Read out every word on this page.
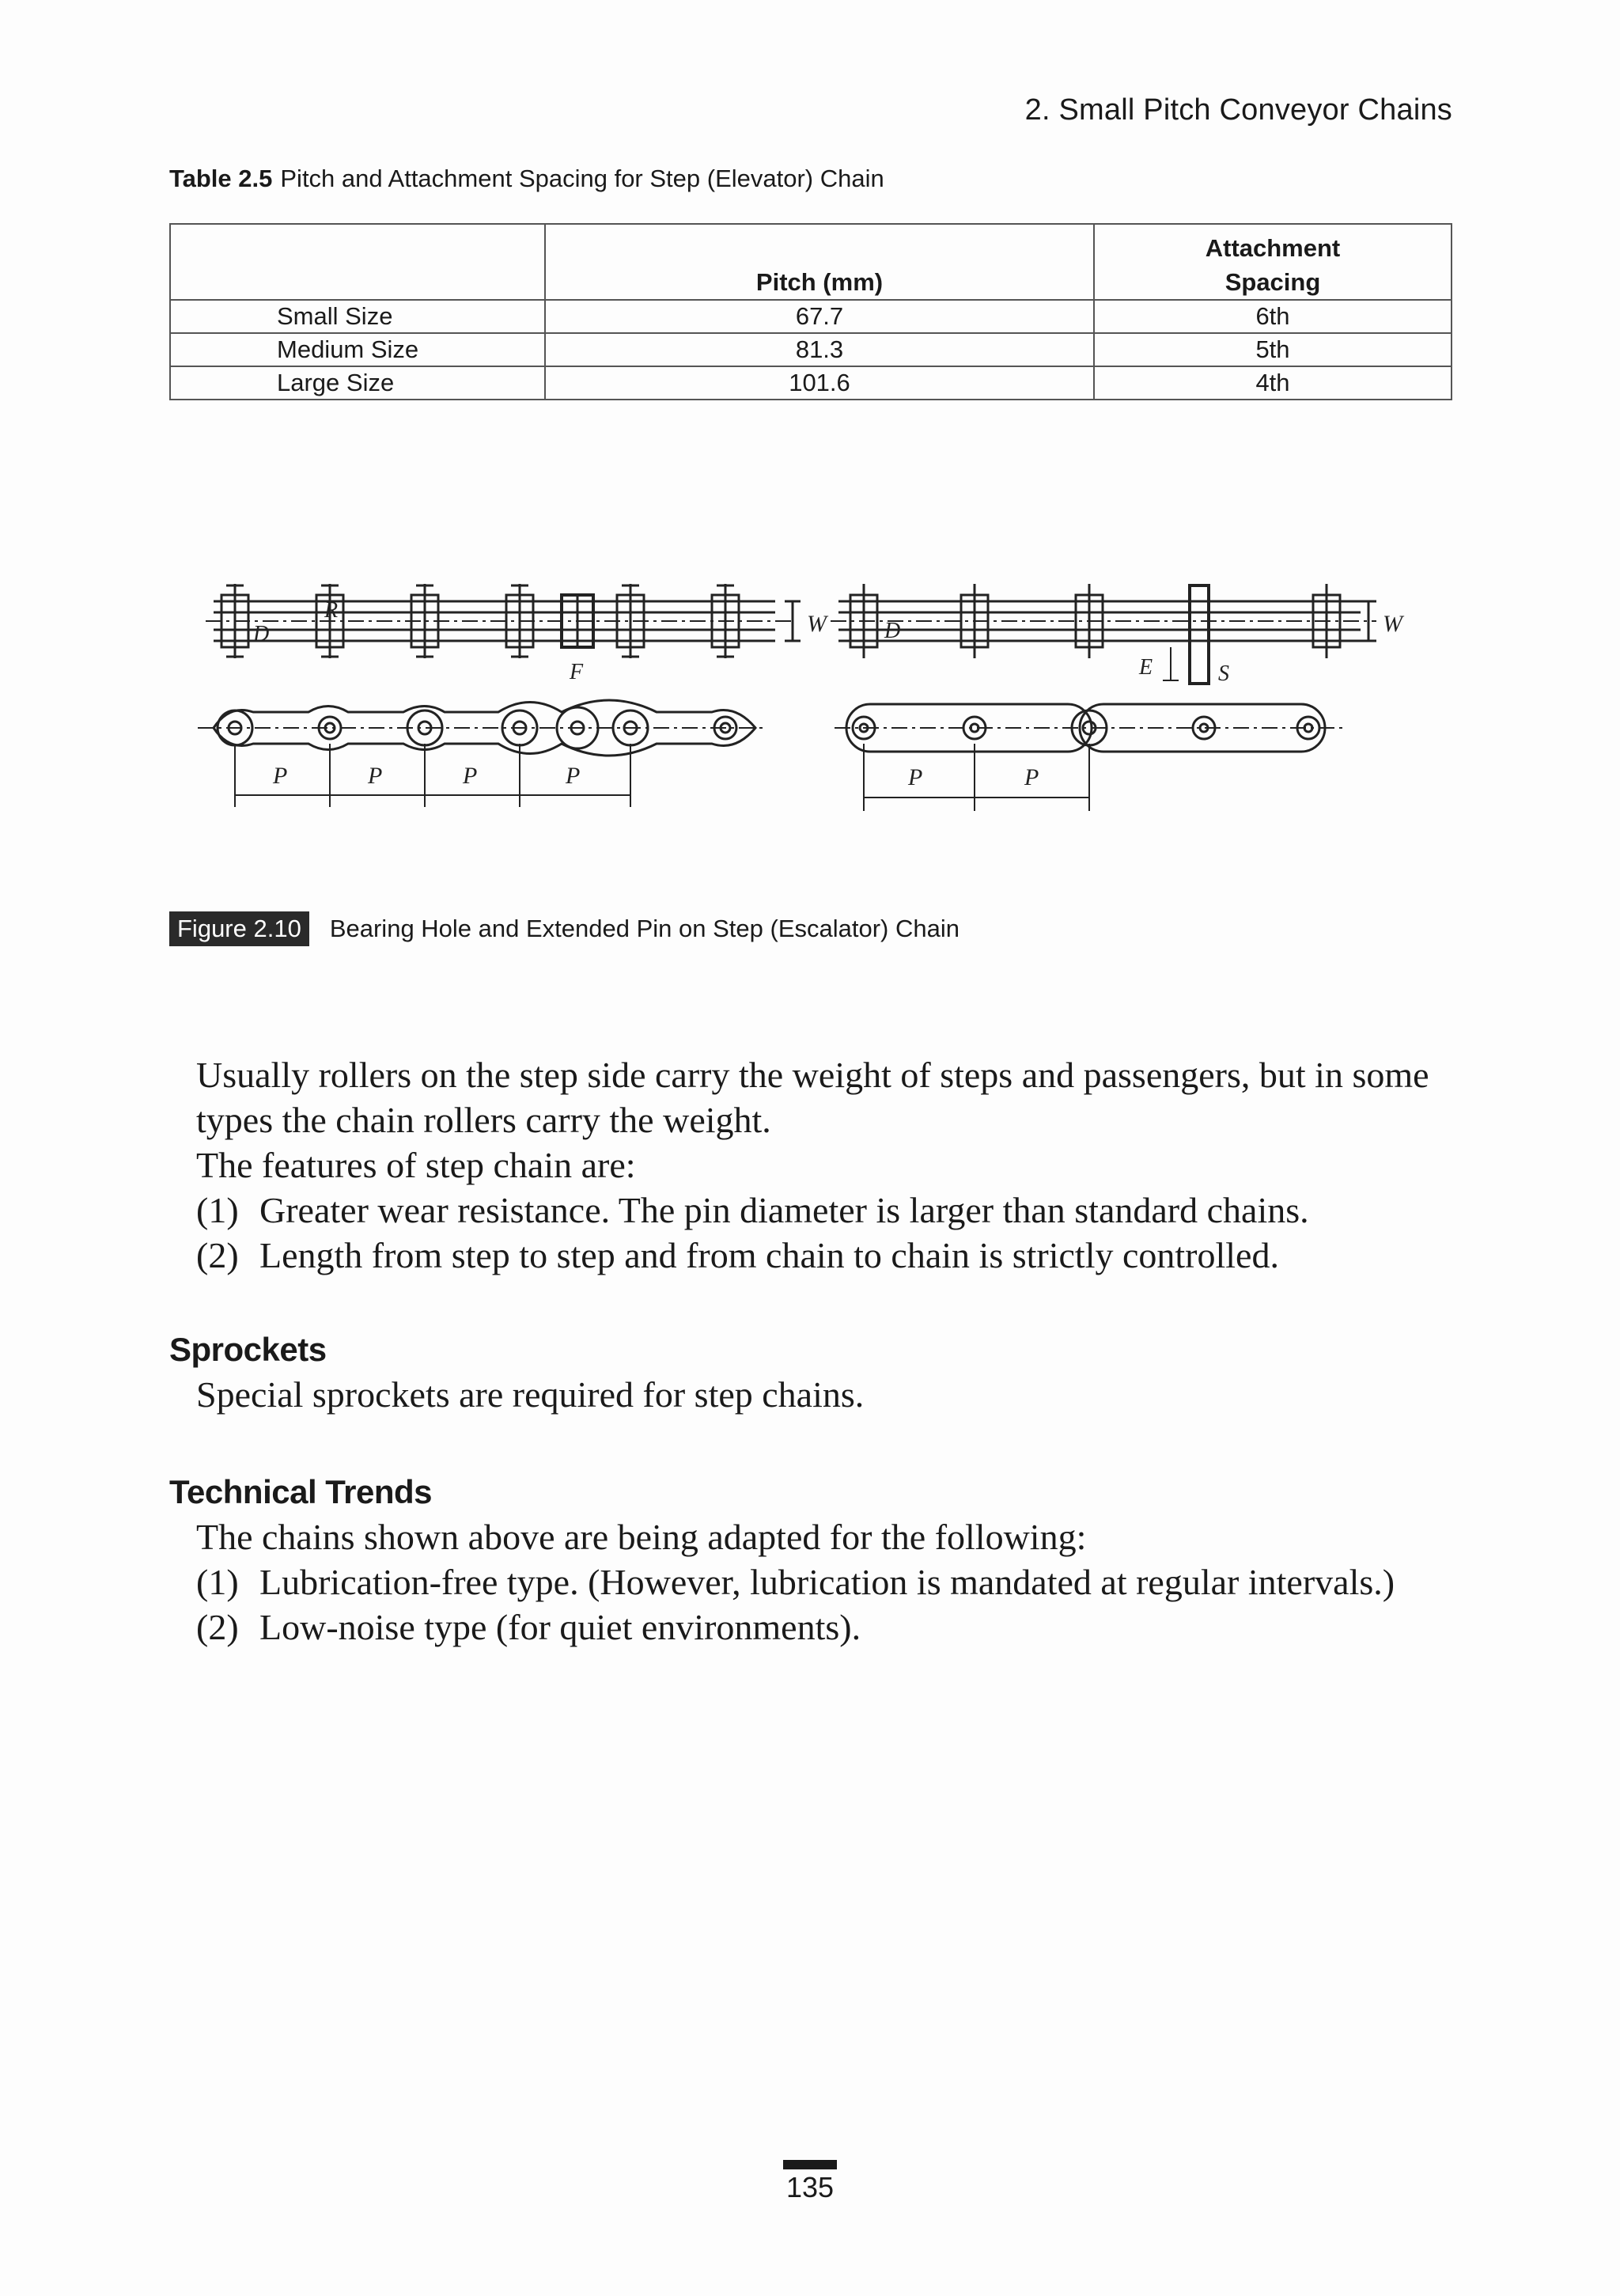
2. Small Pitch Conveyor Chains
Table 2.5 Pitch and Attachment Spacing for Step (Elevator) Chain
	Pitch (mm)	Attachment
Spacing
Small Size	67.7	6th
Medium Size	81.3	5th
Large Size	101.6	4th
W
D
R
F
P	P	P	P
W
D
E	S
P	P
Figure 2.10	Bearing Hole and Extended Pin on Step (Escalator) Chain

Usually rollers on the step side carry the weight of steps and passengers, but in some types the chain rollers carry the weight.

The features of step chain are:

(1) Greater wear resistance. The pin diameter is larger than standard chains.

(2) Length from step to step and from chain to chain is strictly controlled.

Sprockets

Special sprockets are required for step chains.

Technical Trends

The chains shown above are being adapted for the following:

(1) Lubrication-free type. (However, lubrication is mandated at regular intervals.)

(2) Low-noise type (for quiet environments).

135
